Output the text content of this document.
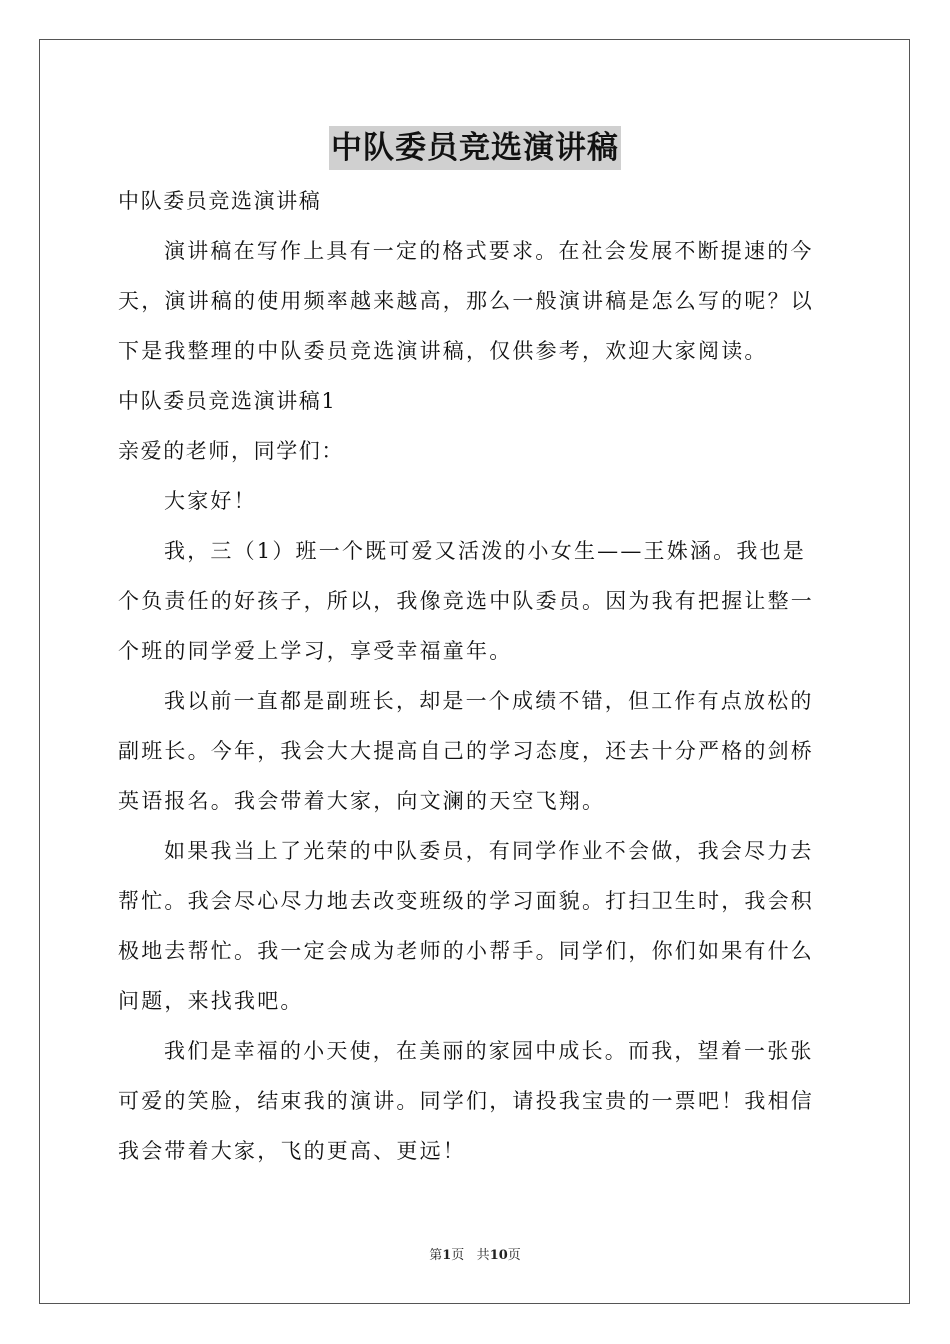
中队委员竞选演讲稿

中队委员竞选演讲稿

演讲稿在写作上具有一定的格式要求。在社会发展不断提速的今
天，演讲稿的使用频率越来越高，那么一般演讲稿是怎么写的呢？以
下是我整理的中队委员竞选演讲稿，仅供参考，欢迎大家阅读。

中队委员竞选演讲稿1

亲爱的老师，同学们：

大家好！

我，三（1）班一个既可爱又活泼的小女生——王姝涵。我也是
个负责任的好孩子，所以，我像竞选中队委员。因为我有把握让整一
个班的同学爱上学习，享受幸福童年。

我以前一直都是副班长，却是一个成绩不错，但工作有点放松的
副班长。今年，我会大大提高自己的学习态度，还去十分严格的剑桥
英语报名。我会带着大家，向文澜的天空飞翔。

如果我当上了光荣的中队委员，有同学作业不会做，我会尽力去
帮忙。我会尽心尽力地去改变班级的学习面貌。打扫卫生时，我会积
极地去帮忙。我一定会成为老师的小帮手。同学们，你们如果有什么
问题，来找我吧。

我们是幸福的小天使，在美丽的家园中成长。而我，望着一张张
可爱的笑脸，结束我的演讲。同学们，请投我宝贵的一票吧！我相信
我会带着大家，飞的更高、更远！

第1页 共10页
